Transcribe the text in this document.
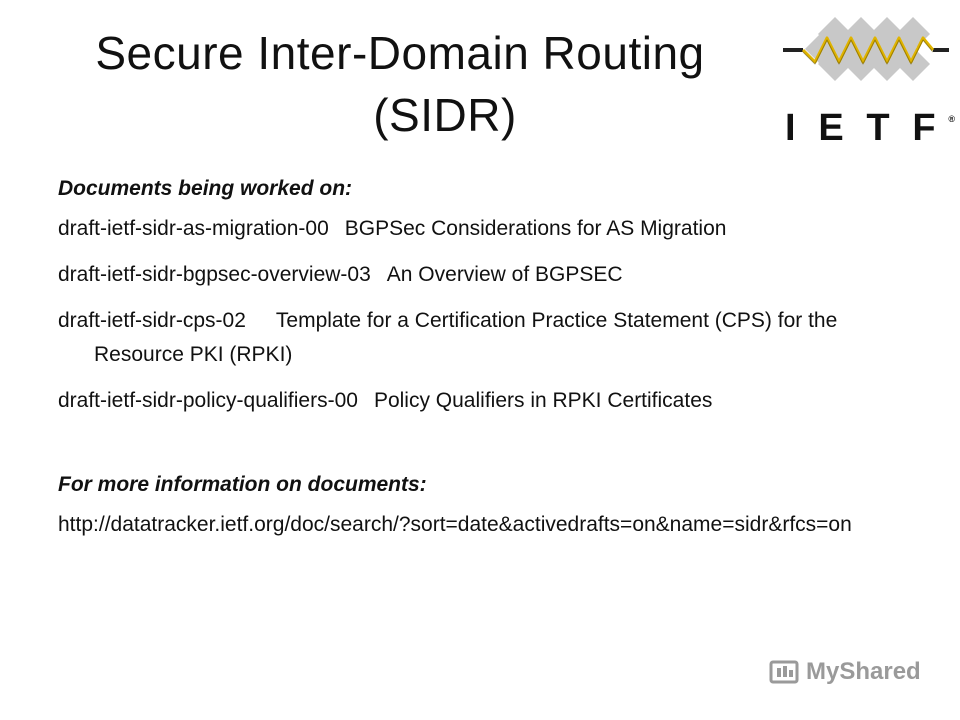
Secure Inter-Domain Routing
(SIDR)	I E T F ®
Documents being worked on:
draft-ietf-sidr-as-migration-00 BGPSec Considerations for AS Migration
draft-ietf-sidr-bgpsec-overview-03 An Overview of BGPSEC
draft-ietf-sidr-cps-02 Template for a Certification Practice Statement (CPS) for the Resource PKI (RPKI)
draft-ietf-sidr-policy-qualifiers-00 Policy Qualifiers in RPKI Certificates
For more information on documents:
http://datatracker.ietf.org/doc/search/?sort=date&activedrafts=on&name=sidr&rfcs=on
MyShared
